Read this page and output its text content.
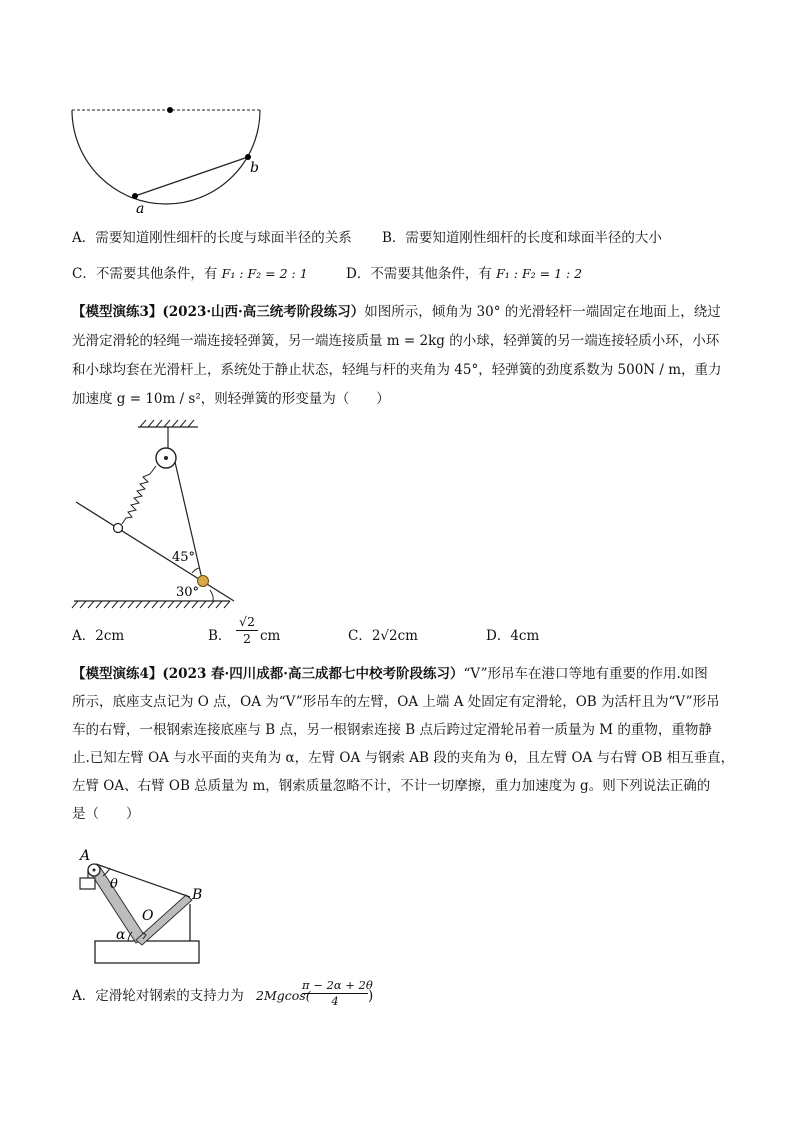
a
b
A．需要知道刚性细杆的长度与球面半径的关系 B．需要知道刚性细杆的长度和球面半径的大小
C．不需要其他条件，有 F₁ : F₂ = 2 : 1	D．不需要其他条件，有 F₁ : F₂ = 1 : 2
【模型演练3】(2023·山西·高三统考阶段练习）如图所示，倾角为 30° 的光滑轻杆一端固定在地面上，绕过
光滑定滑轮的轻绳一端连接轻弹簧，另一端连接质量 m = 2kg 的小球，轻弹簧的另一端连接轻质小环，小环
和小球均套在光滑杆上，系统处于静止状态，轻绳与杆的夹角为 45°，轻弹簧的劲度系数为 500N / m，重力
加速度 g = 10m / s²，则轻弹簧的形变量为（　　）
45°
30°
A．2cm	B． $\frac{√2}{2}$ cm	C．2√2cm	D．4cm
【模型演练4】(2023 春·四川成都·高三成都七中校考阶段练习）“V”形吊车在港口等地有重要的作用.如图
所示，底座支点记为 O 点，OA 为“V”形吊车的左臂，OA 上端 A 处固定有定滑轮，OB 为活杆且为“V”形吊
车的右臂，一根钢索连接底座与 B 点，另一根钢索连接 B 点后跨过定滑轮吊着一质量为 M 的重物，重物静
止.已知左臂 OA 与水平面的夹角为 α，左臂 OA 与钢索 AB 段的夹角为 θ，且左臂 OA 与右臂 OB 相互垂直，
左臂 OA、右臂 OB 总质量为 m，钢索质量忽略不计，不计一切摩擦，重力加速度为 g。则下列说法正确的
是（　　）
A
B
O
θ
α
A．定滑轮对钢索的支持力为 2Mgcos(
$\frac{\pi - 2\alpha + 2\theta}{4}$ )
